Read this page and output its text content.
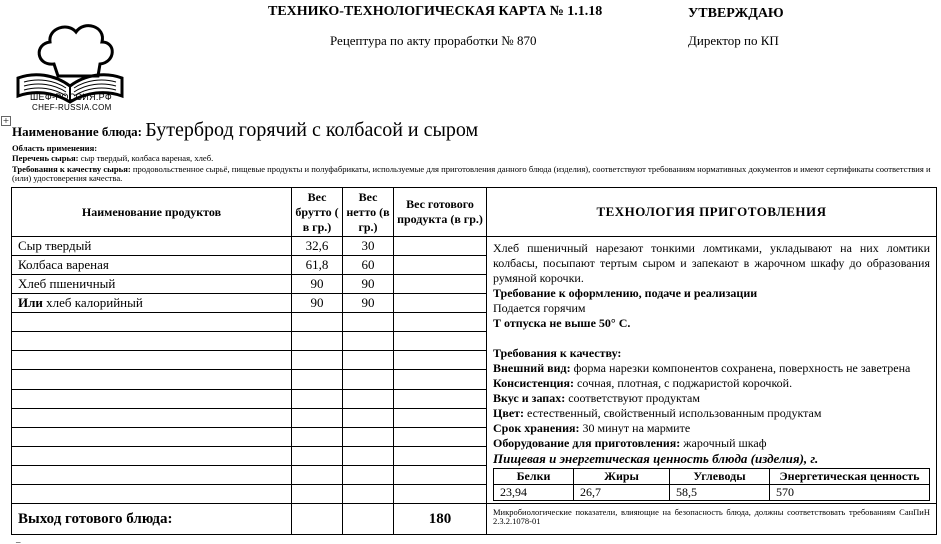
ШЕФ-РОССИЯ.РФ
CHEF-RUSSIA.COM
ТЕХНИКО-ТЕХНОЛОГИЧЕСКАЯ КАРТА № 1.1.18
Рецептура по акту проработки № 870
УТВЕРЖДАЮ
Директор по КП
+
Наименование блюда: Бутерброд горячий с колбасой и сыром
Область применения:
Перечень сырья: сыр твердый, колбаса вареная, хлеб.
Требования к качеству сырья: продовольственное сырьё, пищевые продукты и полуфабрикаты, используемые для приготовления данного блюда (изделия), соответствуют требованиям нормативных документов и имеют сертификаты соответствия и (или) удостоверения качества.
Наименование продуктов	Вес брутто ( в гр.)	Вес нетто (в гр.)	Вес готового продукта (в гр.)	ТЕХНОЛОГИЯ ПРИГОТОВЛЕНИЯ
Сыр твердый	32,6	30		Хлеб пшеничный нарезают тонкими ломтиками, укладывают на них ломтики колбасы, посыпают тертым сыром и запекают в жарочном шкафу до образования румяной корочки.

Требование к оформлению, подаче и реализации

Подается горячим

Т отпуска не выше 50° С.

Требования к качеству:

Внешний вид: форма нарезки компонентов сохранена, поверхность не заветрена

Консистенция: сочная, плотная, с поджаристой корочкой.

Вкус и запах: соответствуют продуктам

Цвет: естественный, свойственный использованным продуктам

Срок хранения: 30 минут на мармите

Оборудование для приготовления: жарочный шкаф

Пищевая и энергетическая ценность блюда (изделия), г.

Белки	Жиры	Углеводы	Энергетическая ценность
23,94	26,7	58,5	570

Колбаса вареная	61,8	60	
Хлеб пшеничный	90	90	
Или хлеб калорийный	90	90	

Выход готового блюда:			180	Микробиологические показатели, влияющие на безопасность блюда, должны соответствовать требованиям СанПиН 2.3.2.1078-01
_
